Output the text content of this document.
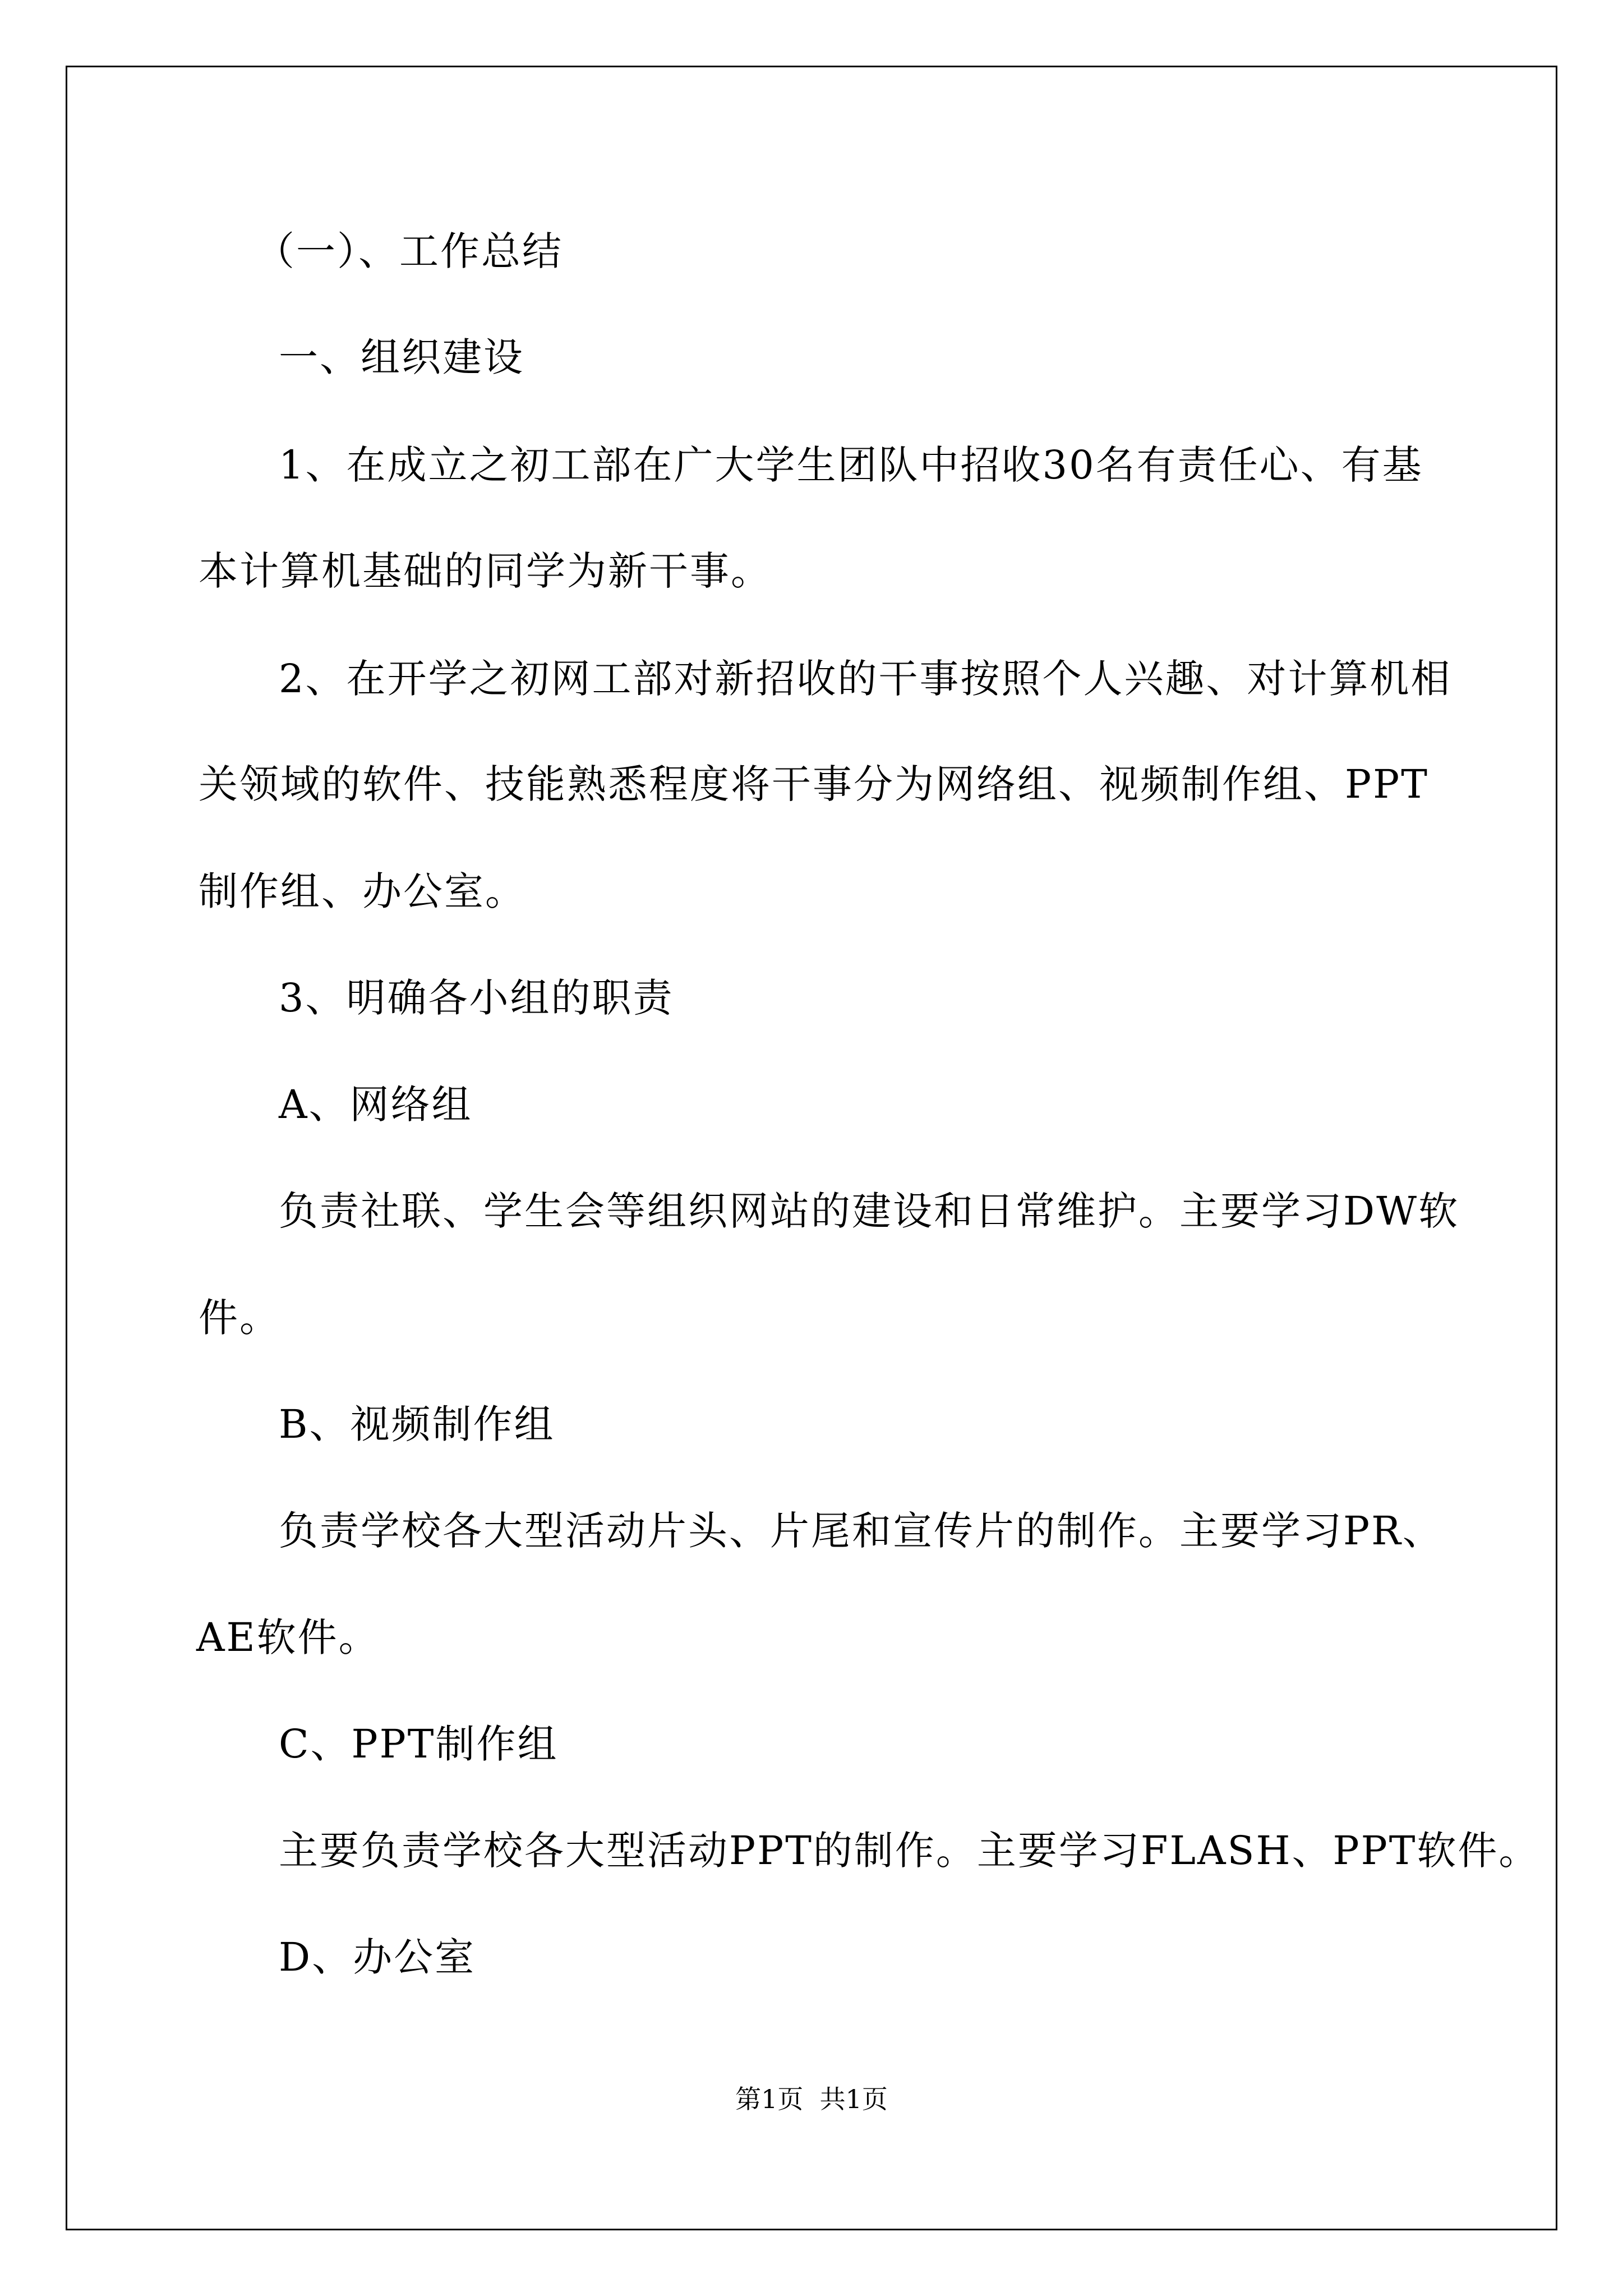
（一）、工作总结
一、组织建设
1、在成立之初工部在广大学生团队中招收30名有责任心、有基
本计算机基础的同学为新干事。
2、在开学之初网工部对新招收的干事按照个人兴趣、对计算机相
关领域的软件、技能熟悉程度将干事分为网络组、视频制作组、PPT
制作组、办公室。
3、明确各小组的职责
A、网络组
负责社联、学生会等组织网站的建设和日常维护。主要学习DW软
件。
B、视频制作组
负责学校各大型活动片头、片尾和宣传片的制作。主要学习PR、
AE软件。
C、PPT制作组
主要负责学校各大型活动PPT的制作。主要学习FLASH、PPT软件。
D、办公室
第1页  共1页
